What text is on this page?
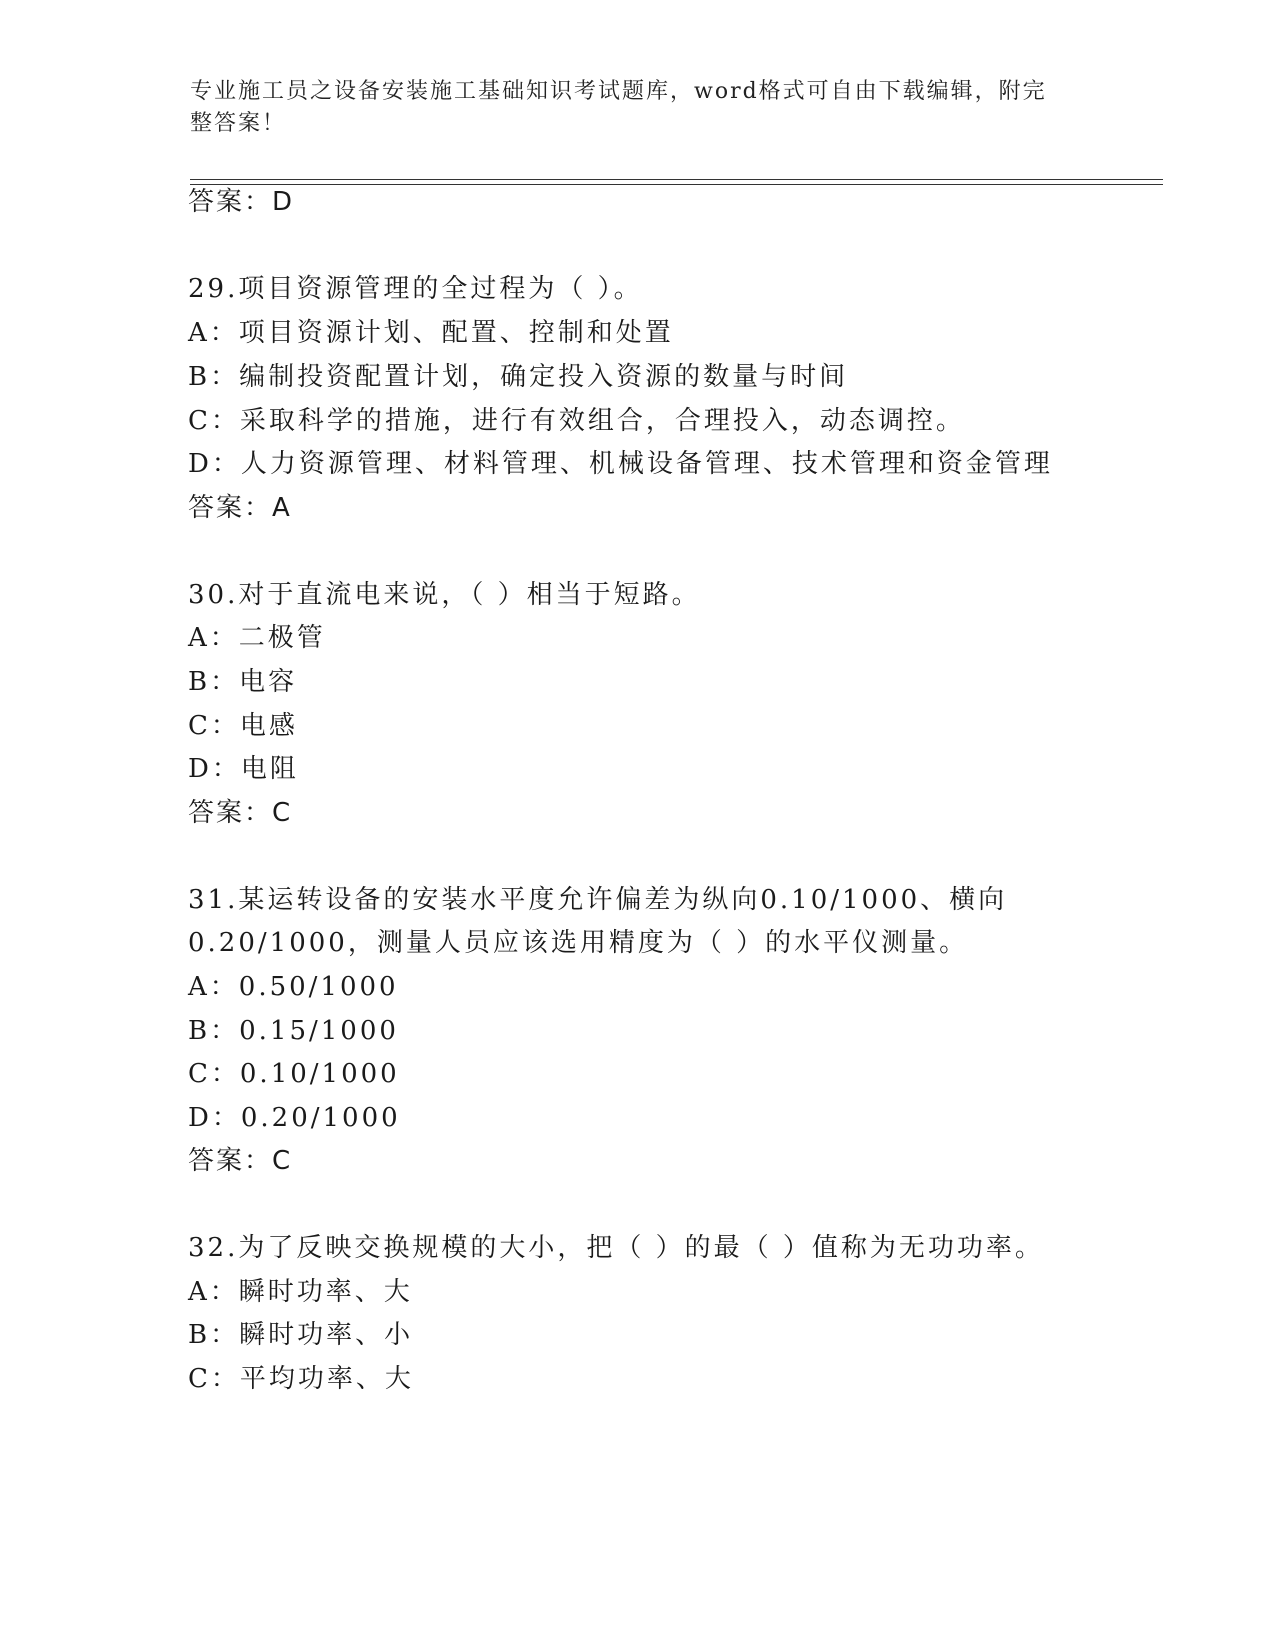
专业施工员之设备安装施工基础知识考试题库，word格式可自由下载编辑，附完整答案！
答案：D
29.项目资源管理的全过程为（ ）。
A：项目资源计划、配置、控制和处置
B：编制投资配置计划，确定投入资源的数量与时间
C：采取科学的措施，进行有效组合，合理投入，动态调控。
D：人力资源管理、材料管理、机械设备管理、技术管理和资金管理
答案：A
30.对于直流电来说，（ ）相当于短路。
A：二极管
B：电容
C：电感
D：电阻
答案：C
31.某运转设备的安装水平度允许偏差为纵向0.10/1000、横向
0.20/1000，测量人员应该选用精度为（ ）的水平仪测量。
A：0.50/1000
B：0.15/1000
C：0.10/1000
D：0.20/1000
答案：C
32.为了反映交换规模的大小，把（ ）的最（ ）值称为无功功率。
A：瞬时功率、大
B：瞬时功率、小
C：平均功率、大
